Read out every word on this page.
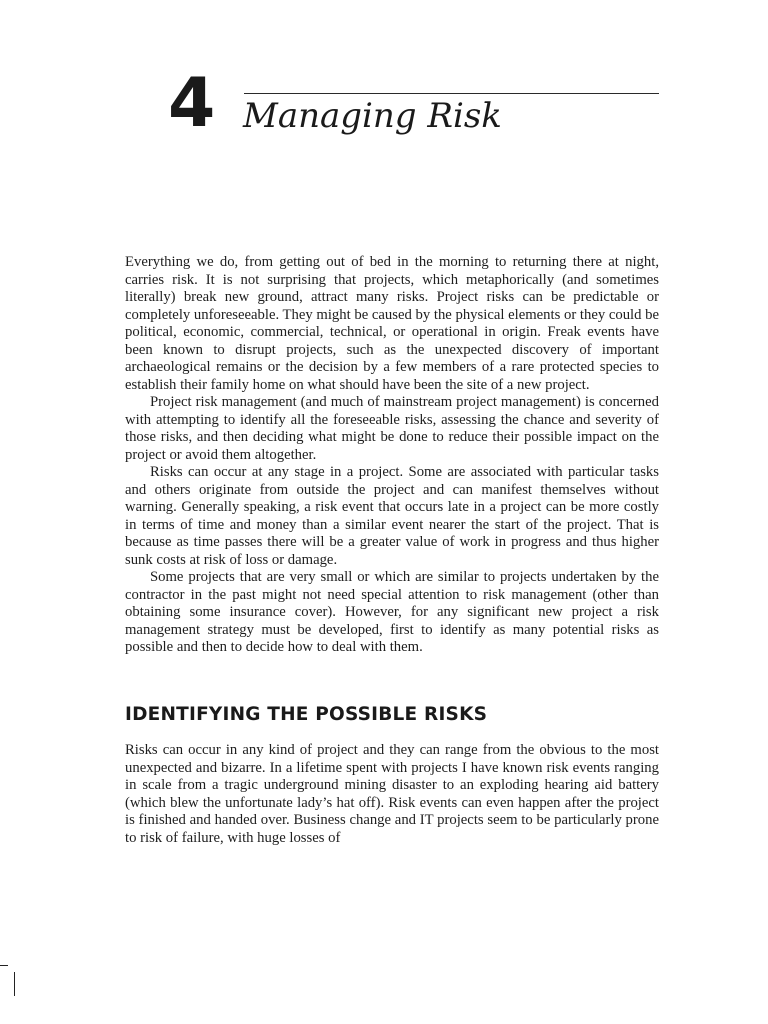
4 Managing Risk

Everything we do, from getting out of bed in the morning to returning there at night, carries risk. It is not surprising that projects, which metaphorically (and sometimes literally) break new ground, attract many risks. Project risks can be predictable or completely unforeseeable. They might be caused by the physical elements or they could be political, economic, commercial, technical, or operational in origin. Freak events have been known to disrupt projects, such as the unexpected discovery of important archaeological remains or the decision by a few members of a rare protected species to establish their family home on what should have been the site of a new project.

Project risk management (and much of mainstream project management) is concerned with attempting to identify all the foreseeable risks, assessing the chance and severity of those risks, and then deciding what might be done to reduce their possible impact on the project or avoid them altogether.

Risks can occur at any stage in a project. Some are associated with particular tasks and others originate from outside the project and can manifest themselves without warning. Generally speaking, a risk event that occurs late in a project can be more costly in terms of time and money than a similar event nearer the start of the project. That is because as time passes there will be a greater value of work in progress and thus higher sunk costs at risk of loss or damage.

Some projects that are very small or which are similar to projects undertaken by the contractor in the past might not need special attention to risk management (other than obtaining some insurance cover). However, for any significant new project a risk management strategy must be developed, first to identify as many potential risks as possible and then to decide how to deal with them.

IDENTIFYING THE POSSIBLE RISKS

Risks can occur in any kind of project and they can range from the obvious to the most unexpected and bizarre. In a lifetime spent with projects I have known risk events ranging in scale from a tragic underground mining disaster to an exploding hearing aid battery (which blew the unfortunate lady’s hat off). Risk events can even happen after the project is finished and handed over. Business change and IT projects seem to be particularly prone to risk of failure, with huge losses of
